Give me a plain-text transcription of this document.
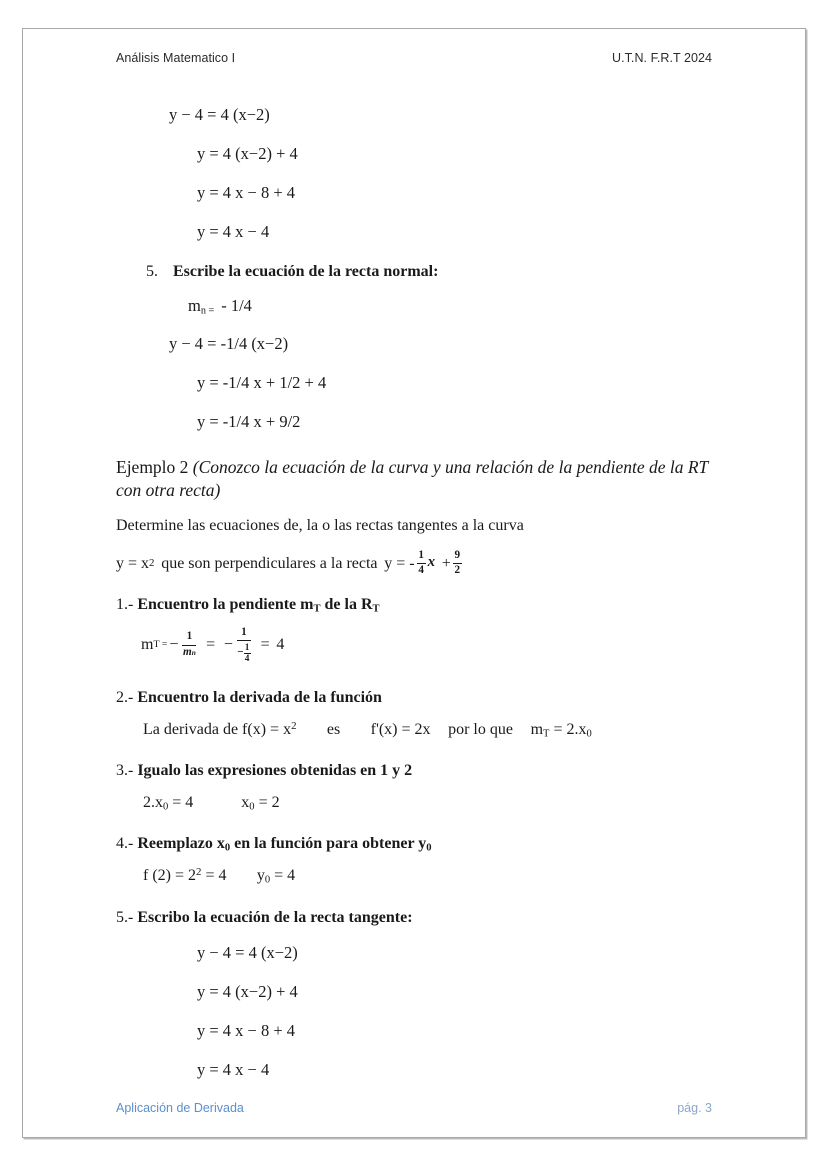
Análisis Matematico I	U.T.N. F.R.T 2024
y − 4 = 4 (x−2)
y = 4 (x−2) + 4
y = 4 x − 8 + 4
y = 4 x − 4
5. Escribe la ecuación de la recta normal:
mn = - 1/4
y − 4 = -1/4 (x−2)
y = -1/4 x + 1/2 + 4
y = -1/4 x + 9/2
Ejemplo 2 (Conozco la ecuación de la curva y una relación de la pendiente de la RT con otra recta)
Determine las ecuaciones de, la o las rectas tangentes a la curva
y = x 2 que son perpendiculares a la recta y = - $\frac{1}{4}$ $x + \frac{9}{2}$
1.- Encuentro la pendiente $m_T$ de la $R_T$
m T = − $\frac{1}{\text{m n}}$ = − $\frac{1}{- \frac{1}{4}} = 4$
2.- Encuentro la derivada de la función
La derivada de $f(x) = x^2$ es f'(x) = 2x por lo que $m_T = 2.x_0$
3.- Igualo las expresiones obtenidas en 1 y 2
$2.x_0 = 4$	$x_0 = 2$
4.- Reemplazo $x_0$ en la función para obtener $y_0$
f $(2) = 2^2 = 4$ $y_0 = 4$
5.- Escribo la ecuación de la recta tangente:
y − 4 = 4 (x−2)
y = 4 (x−2) + 4
y = 4 x − 8 + 4
y = 4 x − 4
Aplicación de Derivada	pág. 3
